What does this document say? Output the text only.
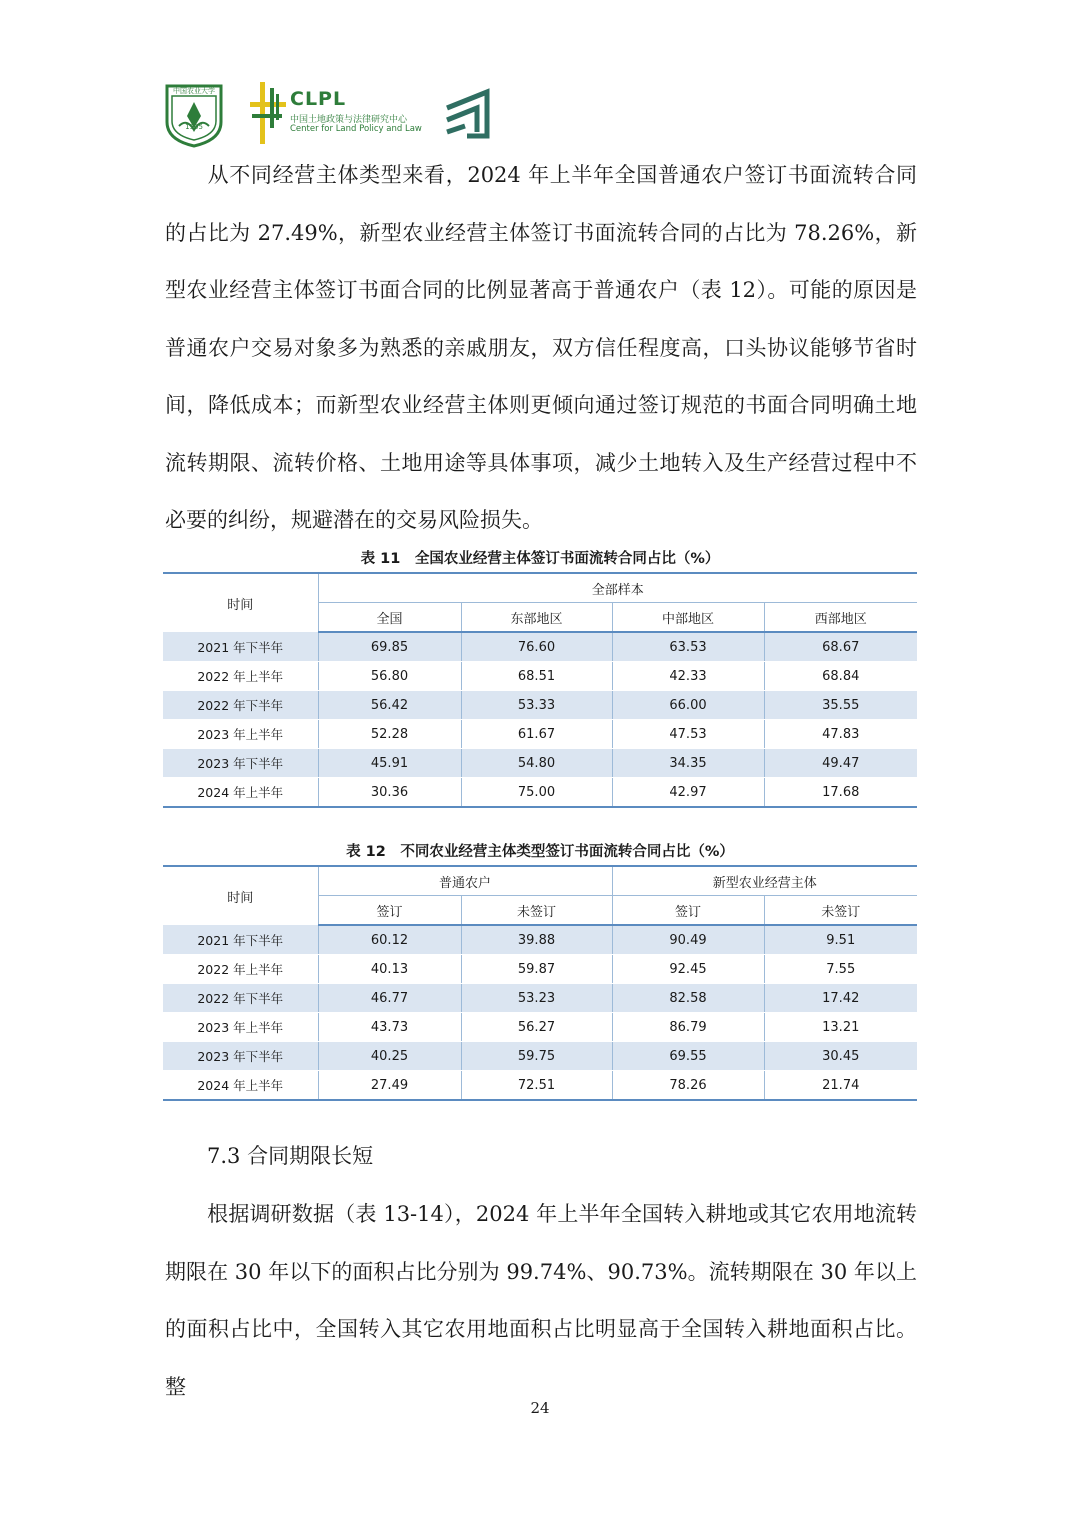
中国农业大学
1905
CLPL
中国土地政策与法律研究中心
Center for Land Policy and Law

从不同经营主体类型来看，2024 年上半年全国普通农户签订书面流转合同的占比为 27.49%，新型农业经营主体签订书面流转合同的占比为 78.26%，新型农业经营主体签订书面合同的比例显著高于普通农户（表 12）。可能的原因是普通农户交易对象多为熟悉的亲戚朋友，双方信任程度高，口头协议能够节省时间，降低成本；而新型农业经营主体则更倾向通过签订规范的书面合同明确土地流转期限、流转价格、土地用途等具体事项，减少土地转入及生产经营过程中不必要的纠纷，规避潜在的交易风险损失。

表 11　全国农业经营主体签订书面流转合同占比（%）
时间	全部样本			
	全国	东部地区	中部地区	西部地区
2021 年下半年	69.85	76.60	63.53	68.67
2022 年上半年	56.80	68.51	42.33	68.84
2022 年下半年	56.42	53.33	66.00	35.55
2023 年上半年	52.28	61.67	47.53	47.83
2023 年下半年	45.91	54.80	34.35	49.47
2024 年上半年	30.36	75.00	42.97	17.68
表 12　不同农业经营主体类型签订书面流转合同占比（%）
时间	普通农户		新型农业经营主体	
	签订	未签订	签订	未签订
2021 年下半年	60.12	39.88	90.49	9.51
2022 年上半年	40.13	59.87	92.45	7.55
2022 年下半年	46.77	53.23	82.58	17.42
2023 年上半年	43.73	56.27	86.79	13.21
2023 年下半年	40.25	59.75	69.55	30.45
2024 年上半年	27.49	72.51	78.26	21.74

7.3 合同期限长短

根据调研数据（表 13-14），2024 年上半年全国转入耕地或其它农用地流转期限在 30 年以下的面积占比分别为 99.74%、90.73%。流转期限在 30 年以上的面积占比中，全国转入其它农用地面积占比明显高于全国转入耕地面积占比。整

24
